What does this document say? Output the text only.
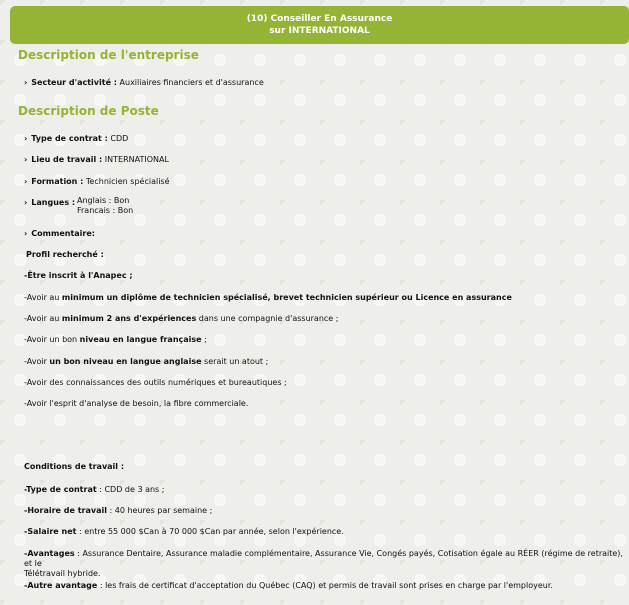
(10) Conseiller En Assurance
sur INTERNATIONAL
Description de l'entreprise
› Secteur d'activité : Auxiliaires financiers et d'assurance
Description de Poste
› Type de contrat : CDD
› Lieu de travail : INTERNATIONAL
› Formation : Technicien spécialisé
› Langues : Anglais : Bon
Francais : Bon
› Commentaire:
Profil recherché :
-Être inscrit à l'Anapec ;
-Avoir au minimum un diplôme de technicien spécialisé, brevet technicien supérieur ou Licence en assurance
-Avoir au minimum 2 ans d'expériences dans une compagnie d'assurance ;
-Avoir un bon niveau en langue française ;
-Avoir un bon niveau en langue anglaise serait un atout ;
-Avoir des connaissances des outils numériques et bureautiques ;
-Avoir l'esprit d'analyse de besoin, la fibre commerciale.
Conditions de travail :
-Type de contrat : CDD de 3 ans ;
-Horaire de travail : 40 heures par semaine ;
-Salaire net : entre 55 000 $Can à 70 000 $Can par année, selon l'expérience.
-Avantages : Assurance Dentaire, Assurance maladie complémentaire, Assurance Vie, Congés payés, Cotisation égale au RÉER (régime de retraite), et le
Télétravail hybride.
-Autre avantage : les frais de certificat d'acceptation du Québec (CAQ) et permis de travail sont prises en charge par l'employeur.
